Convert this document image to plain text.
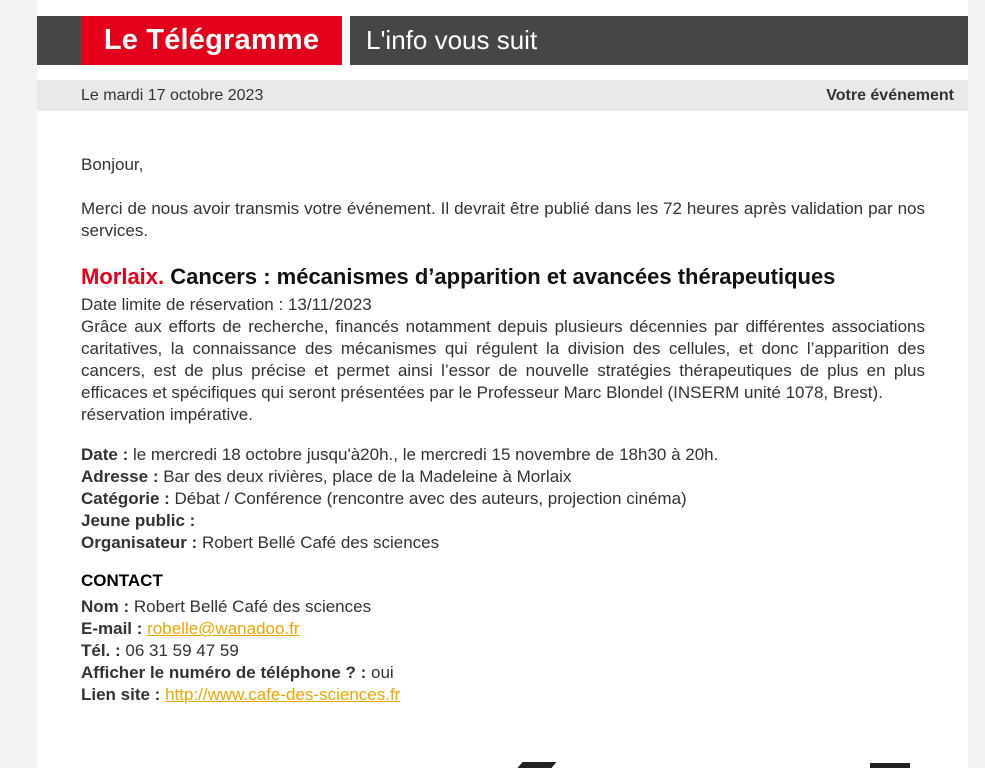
Le Télégramme	L'info vous suit
Le mardi 17 octobre 2023	Votre événement

Bonjour,

Merci de nous avoir transmis votre événement. Il devrait être publié dans les 72 heures après validation par nos services.

Morlaix. Cancers : mécanismes d’apparition et avancées thérapeutiques

Date limite de réservation : 13/11/2023

Grâce aux efforts de recherche, financés notamment depuis plusieurs décennies par différentes associations caritatives, la connaissance des mécanismes qui régulent la division des cellules, et donc l’apparition des cancers, est de plus précise et permet ainsi l’essor de nouvelle stratégies thérapeutiques de plus en plus efficaces et spécifiques qui seront présentées par le Professeur Marc Blondel (INSERM unité 1078, Brest).

réservation impérative.

Date : le mercredi 18 octobre jusqu'à20h., le mercredi 15 novembre de 18h30 à 20h.

Adresse : Bar des deux rivières, place de la Madeleine à Morlaix

Catégorie : Débat / Conférence (rencontre avec des auteurs, projection cinéma)

Jeune public :

Organisateur : Robert Bellé Café des sciences

CONTACT

Nom : Robert Bellé Café des sciences

E-mail : robelle@wanadoo.fr

Tél. : 06 31 59 47 59

Afficher le numéro de téléphone ? : oui

Lien site : http://www.cafe-des-sciences.fr
